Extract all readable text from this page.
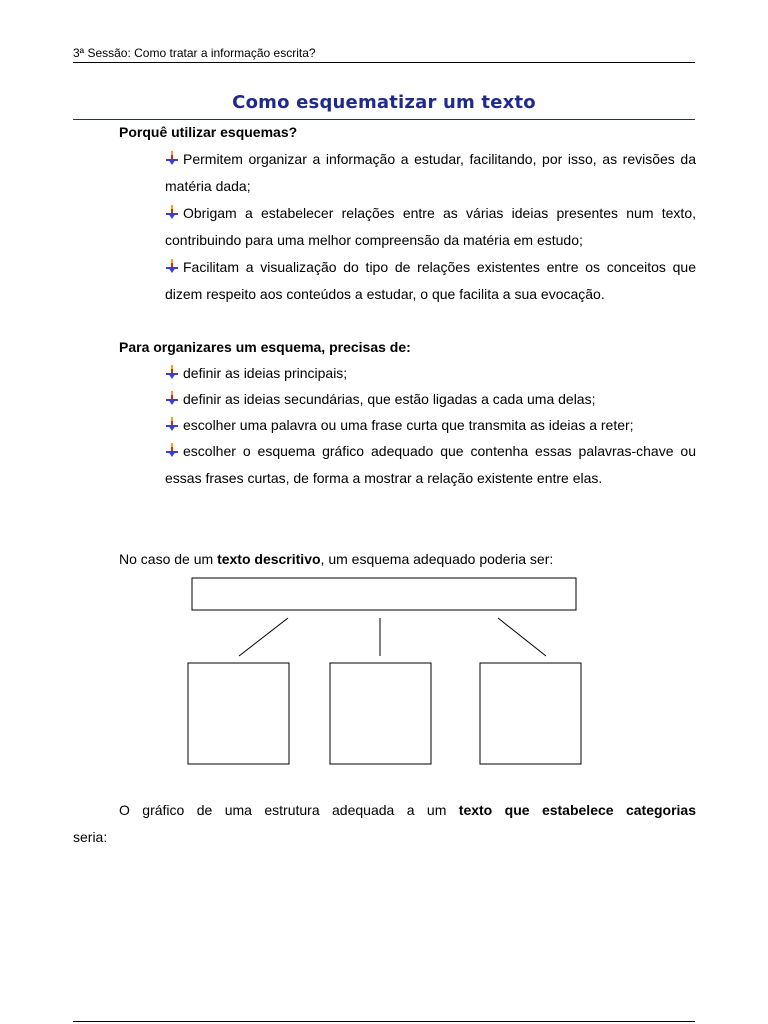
3ª Sessão: Como tratar a informação escrita?
Como esquematizar um texto
Porquê utilizar esquemas?
Permitem organizar a informação a estudar, facilitando, por isso, as revisões da matéria dada;
Obrigam a estabelecer relações entre as várias ideias presentes num texto, contribuindo para uma melhor compreensão da matéria em estudo;
Facilitam a visualização do tipo de relações existentes entre os conceitos que dizem respeito aos conteúdos a estudar, o que facilita a sua evocação.
Para organizares um esquema, precisas de:
definir as ideias principais;
definir as ideias secundárias, que estão ligadas a cada uma delas;
escolher uma palavra ou uma frase curta que transmita as ideias a reter;
escolher o esquema gráfico adequado que contenha essas palavras-chave ou essas frases curtas, de forma a mostrar a relação existente entre elas.
No caso de um texto descritivo, um esquema adequado poderia ser:
O gráfico de uma estrutura adequada a um texto que estabelece categorias
seria:
